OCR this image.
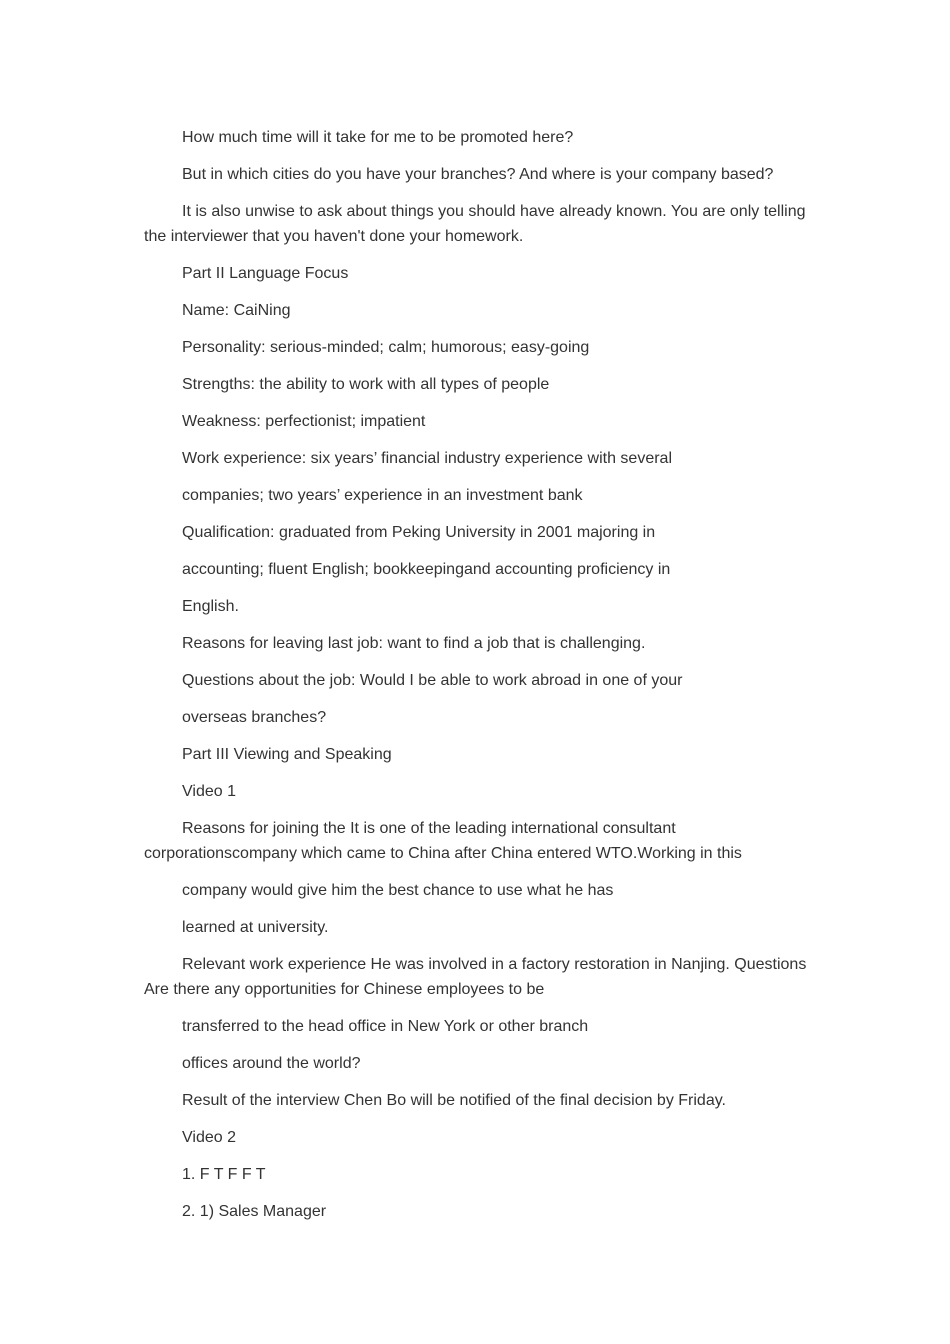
How much time will it take for me to be promoted here?

But in which cities do you have your branches? And where is your company based?

It is also unwise to ask about things you should have already known. You are only telling the interviewer that you haven't done your homework.

Part II Language Focus

Name: CaiNing

Personality: serious-minded; calm; humorous; easy-going

Strengths: the ability to work with all types of people

Weakness: perfectionist; impatient

Work experience: six years’ financial industry experience with several

companies; two years’ experience in an investment bank

Qualification: graduated from Peking University in 2001 majoring in

accounting; fluent English; bookkeepingand accounting proficiency in

English.

Reasons for leaving last job: want to find a job that is challenging.

Questions about the job: Would I be able to work abroad in one of your

overseas branches?

Part III Viewing and Speaking

Video 1

Reasons for joining the It is one of the leading international consultant corporationscompany which came to China after China entered WTO.Working in this

company would give him the best chance to use what he has

learned at university.

Relevant work experience He was involved in a factory restoration in Nanjing. Questions Are there any opportunities for Chinese employees to be

transferred to the head office in New York or other branch

offices around the world?

Result of the interview Chen Bo will be notified of the final decision by Friday.

Video 2

1. F T F F T

2. 1) Sales Manager
